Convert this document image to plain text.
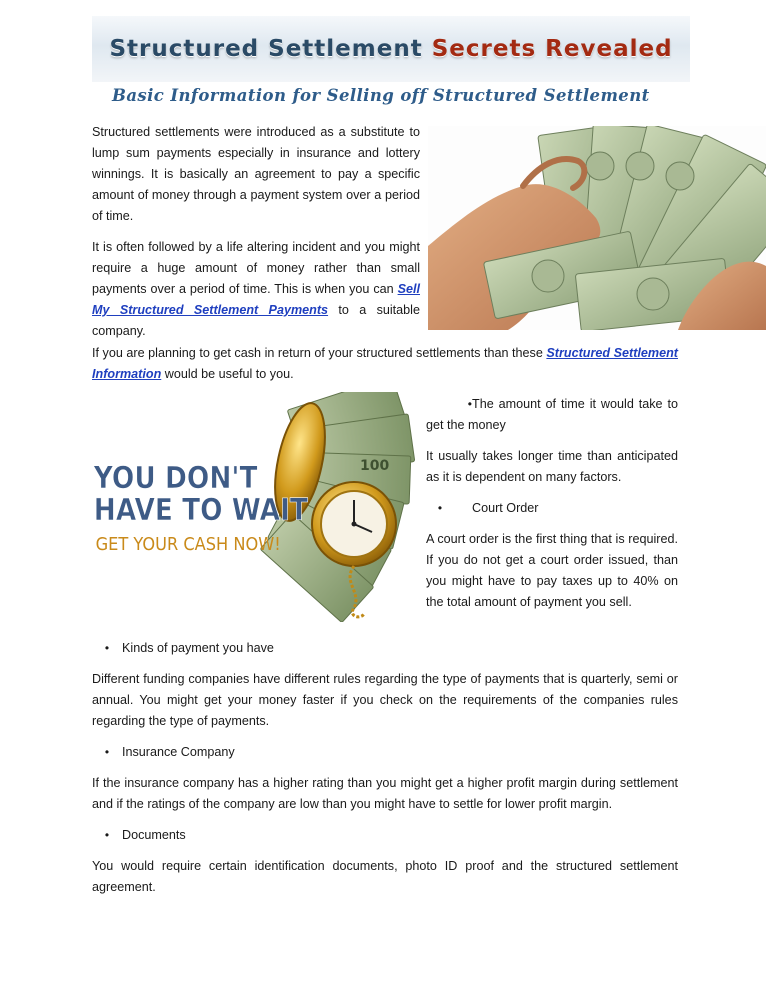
Structured Settlement Secrets Revealed
Basic Information for Selling off Structured Settlement

Structured settlements were introduced as a substitute to lump sum payments especially in insurance and lottery winnings. It is basically an agreement to pay a specific amount of money through a payment system over a period of time.

It is often followed by a life altering incident and you might require a huge amount of money rather than small payments over a period of time. This is when you can Sell My Structured Settlement Payments to a suitable company.

If you are planning to get cash in return of your structured settlements than these Structured Settlement Information would be useful to you.

100
YOU DON'T
HAVE TO WAIT
GET YOUR CASH NOW!
• The amount of time it would take to get the money

It usually takes longer time than anticipated as it is dependent on many factors.

•	Court Order

A court order is the first thing that is required. If you do not get a court order issued, than you might have to pay taxes up to 40% on the total amount of payment you sell.

•	Kinds of payment you have

Different funding companies have different rules regarding the type of payments that is quarterly, semi or annual. You might get your money faster if you check on the requirements of the companies rules regarding the type of payments.

•	Insurance Company

If the insurance company has a higher rating than you might get a higher profit margin during settlement and if the ratings of the company are low than you might have to settle for lower profit margin.

•	Documents

You would require certain identification documents, photo ID proof and the structured settlement agreement.
